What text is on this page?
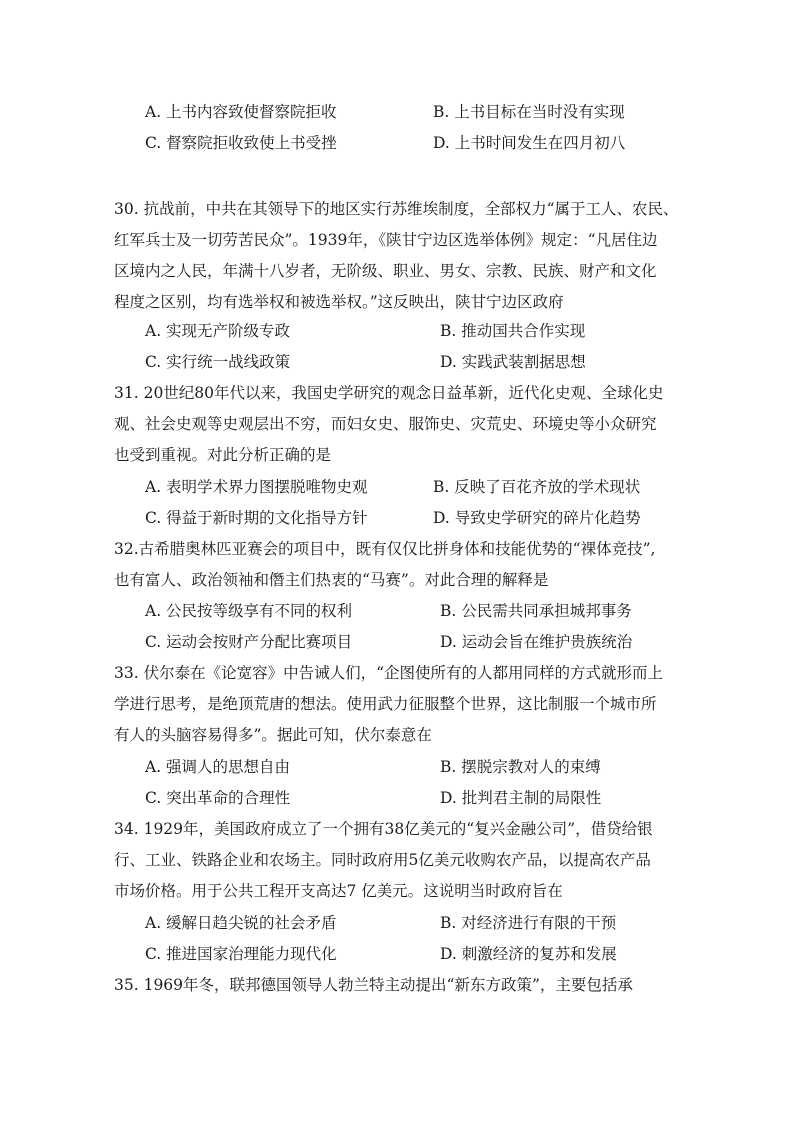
A. 上书内容致使督察院拒收	B. 上书目标在当时没有实现
C. 督察院拒收致使上书受挫	D. 上书时间发生在四月初八
30. 抗战前，中共在其领导下的地区实行苏维埃制度，全部权力“属于工人、农民、
红军兵士及一切劳苦民众”。1939年，《陕甘宁边区选举体例》规定：“凡居住边
区境内之人民，年满十八岁者，无阶级、职业、男女、宗教、民族、财产和文化
程度之区别，均有选举权和被选举权。”这反映出，陕甘宁边区政府
A. 实现无产阶级专政	B. 推动国共合作实现
C. 实行统一战线政策	D. 实践武装割据思想
31. 20世纪80年代以来，我国史学研究的观念日益革新，近代化史观、全球化史
观、社会史观等史观层出不穷，而妇女史、服饰史、灾荒史、环境史等小众研究
也受到重视。对此分析正确的是
A. 表明学术界力图摆脱唯物史观	B. 反映了百花齐放的学术现状
C. 得益于新时期的文化指导方针	D. 导致史学研究的碎片化趋势
32.古希腊奥林匹亚赛会的项目中，既有仅仅比拼身体和技能优势的“裸体竞技”,
也有富人、政治领袖和僭主们热衷的“马赛”。对此合理的解释是
A. 公民按等级享有不同的权利	B. 公民需共同承担城邦事务
C. 运动会按财产分配比赛项目	D. 运动会旨在维护贵族统治
33. 伏尔泰在《论宽容》中告诫人们，“企图使所有的人都用同样的方式就形而上
学进行思考，是绝顶荒唐的想法。使用武力征服整个世界，这比制服一个城市所
有人的头脑容易得多”。据此可知，伏尔泰意在
A. 强调人的思想自由	B. 摆脱宗教对人的束缚
C. 突出革命的合理性	D. 批判君主制的局限性
34. 1929年，美国政府成立了一个拥有38亿美元的“复兴金融公司”，借贷给银
行、工业、铁路企业和农场主。同时政府用5亿美元收购农产品，以提高农产品
市场价格。用于公共工程开支高达7 亿美元。这说明当时政府旨在
A. 缓解日趋尖锐的社会矛盾	B. 对经济进行有限的干预
C. 推进国家治理能力现代化	D. 刺激经济的复苏和发展
35. 1969年冬，联邦德国领导人勃兰特主动提出“新东方政策”，主要包括承
